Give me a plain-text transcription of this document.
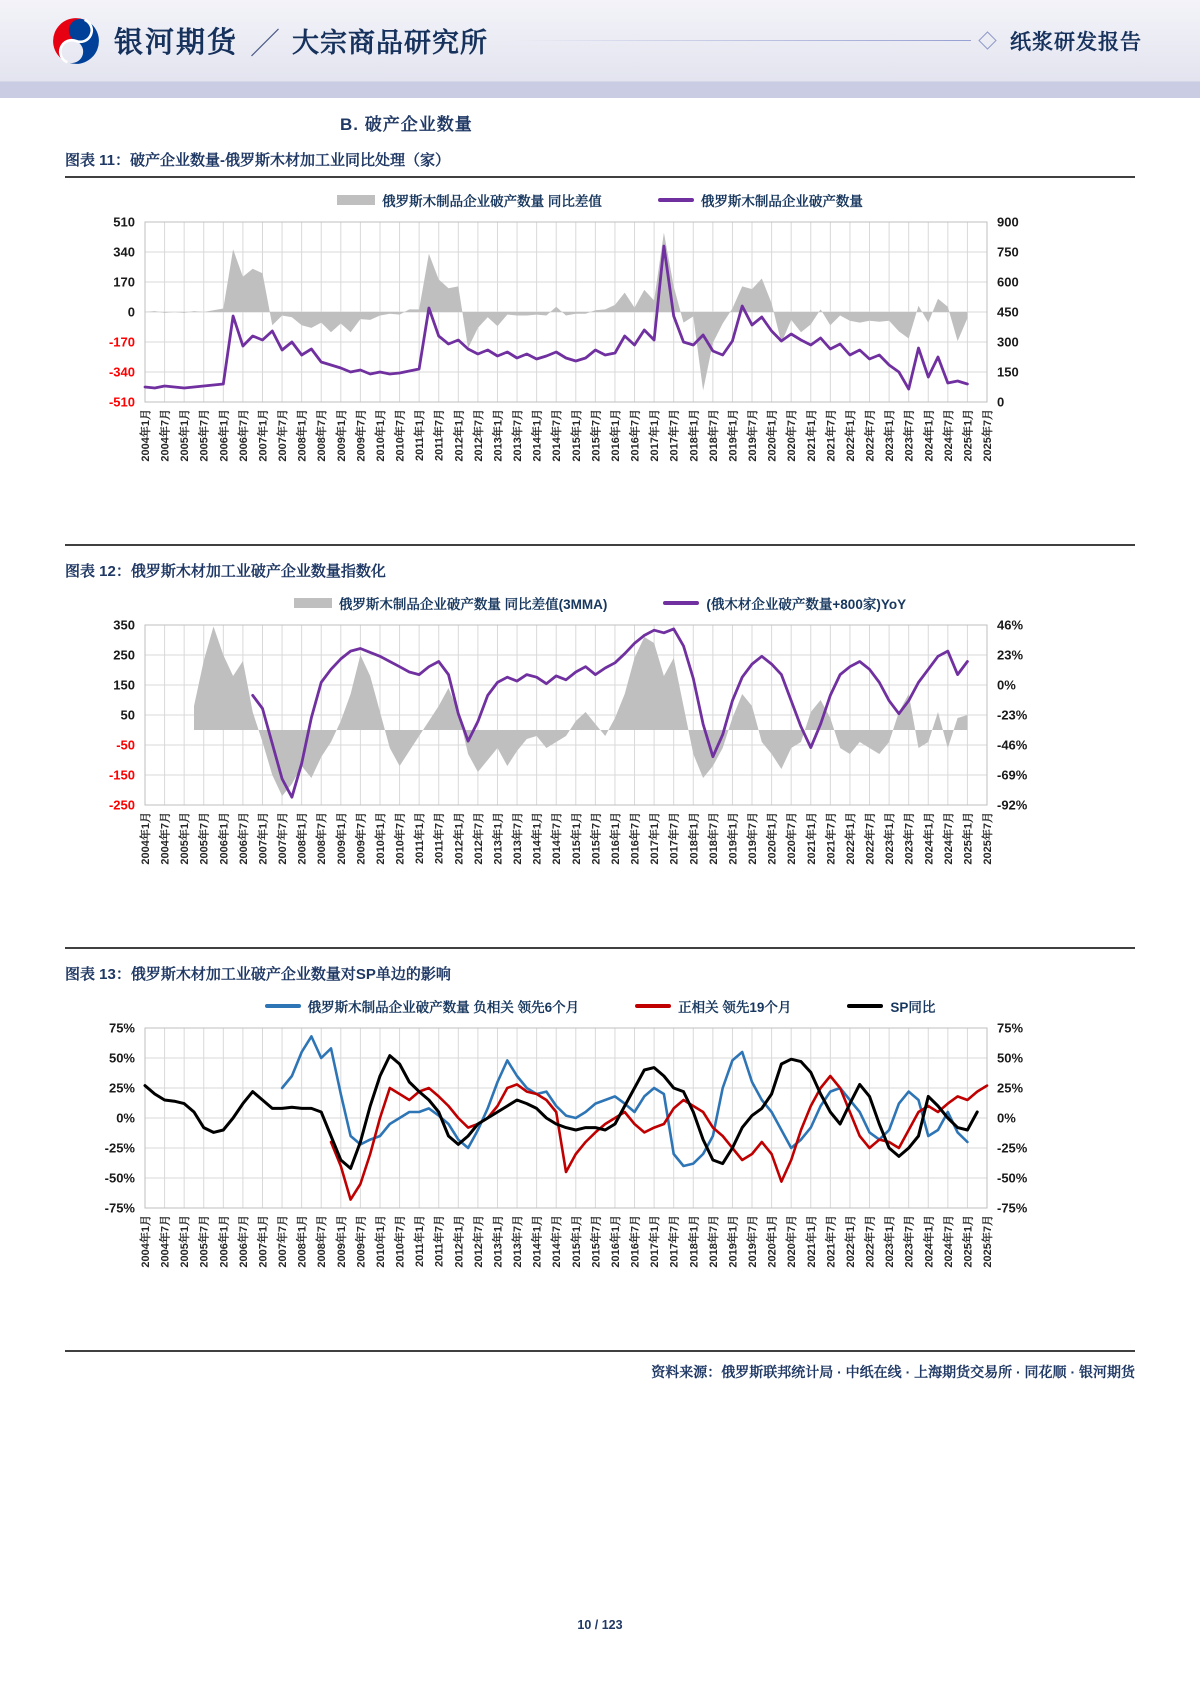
银河期货 ／ 大宗商品研究所	纸浆研发报告
B. 破产企业数量
图表 11：破产企业数量-俄罗斯木材加工业同比处理（家）
俄罗斯木制品企业破产数量 同比差值	俄罗斯木制品企业破产数量
510
340
170
0
-170
-340
-510
900
750
600
450
300
150
0
2004年1月 2004年7月 2005年1月 2005年7月 2006年1月 2006年7月 2007年1月 2007年7月 2008年1月 2008年7月 2009年1月 2009年7月 2010年1月 2010年7月 2011年1月 2011年7月 2012年1月 2012年7月 2013年1月 2013年7月 2014年1月 2014年7月 2015年1月 2015年7月 2016年1月 2016年7月 2017年1月 2017年7月 2018年1月 2018年7月 2019年1月 2019年7月 2020年1月 2020年7月 2021年1月 2021年7月 2022年1月 2022年7月 2023年1月 2023年7月 2024年1月 2024年7月 2025年1月 2025年7月
图表 12：俄罗斯木材加工业破产企业数量指数化
俄罗斯木制品企业破产数量 同比差值(3MMA)	(俄木材企业破产数量+800家)YoY
350
250
150
50
-50
-150
-250
46%
23%
0%
-23%
-46%
-69%
-92%
2004年1月 2004年7月 2005年1月 2005年7月 2006年1月 2006年7月 2007年1月 2007年7月 2008年1月 2008年7月 2009年1月 2009年7月 2010年1月 2010年7月 2011年1月 2011年7月 2012年1月 2012年7月 2013年1月 2013年7月 2014年1月 2014年7月 2015年1月 2015年7月 2016年1月 2016年7月 2017年1月 2017年7月 2018年1月 2018年7月 2019年1月 2019年7月 2020年1月 2020年7月 2021年1月 2021年7月 2022年1月 2022年7月 2023年1月 2023年7月 2024年1月 2024年7月 2025年1月 2025年7月
图表 13：俄罗斯木材加工业破产企业数量对SP单边的影响
俄罗斯木制品企业破产数量 负相关 领先6个月	正相关 领先19个月	SP同比
75%
50%
25%
0%
-25%
-50%
-75%
75%
50%
25%
0%
-25%
-50%
-75%
2004年1月 2004年7月 2005年1月 2005年7月 2006年1月 2006年7月 2007年1月 2007年7月 2008年1月 2008年7月 2009年1月 2009年7月 2010年1月 2010年7月 2011年1月 2011年7月 2012年1月 2012年7月 2013年1月 2013年7月 2014年1月 2014年7月 2015年1月 2015年7月 2016年1月 2016年7月 2017年1月 2017年7月 2018年1月 2018年7月 2019年1月 2019年7月 2020年1月 2020年7月 2021年1月 2021年7月 2022年1月 2022年7月 2023年1月 2023年7月 2024年1月 2024年7月 2025年1月 2025年7月
资料来源：俄罗斯联邦统计局 · 中纸在线 · 上海期货交易所 · 同花顺 · 银河期货
10 / 123
